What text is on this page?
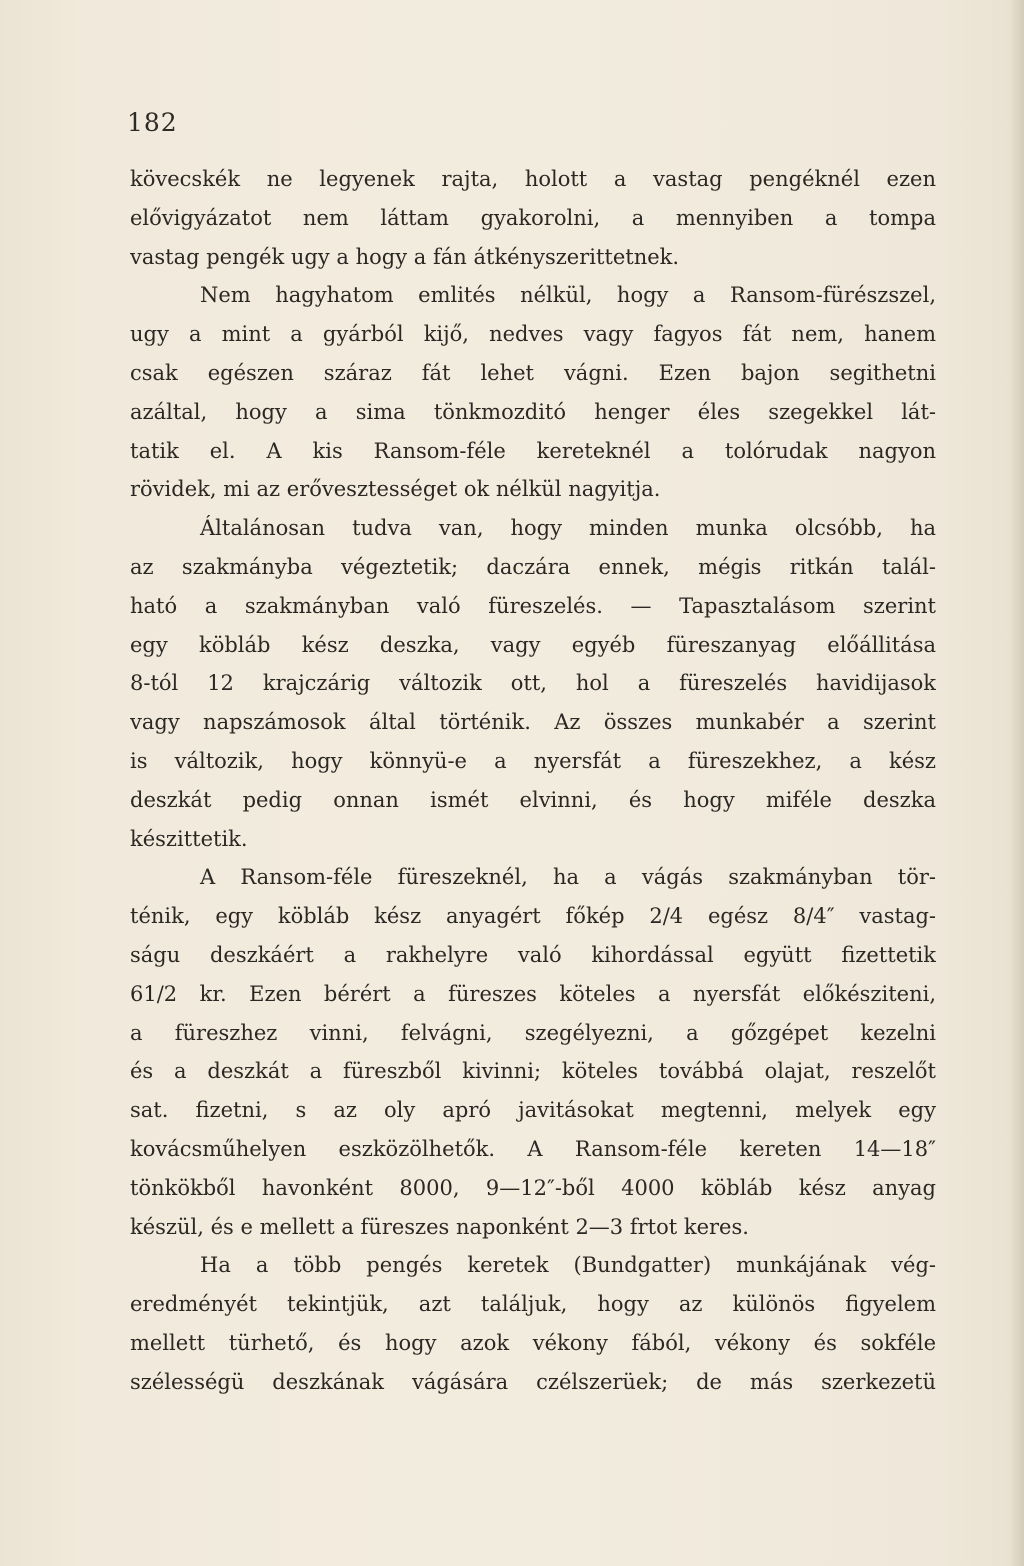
182
kövecskék ne legyenek rajta, holott a vastag pengéknél ezen
elővigyázatot nem láttam gyakorolni, a mennyiben a tompa
vastag pengék ugy a hogy a fán átkényszerittetnek.
Nem hagyhatom emlités nélkül, hogy a Ransom-fürészszel,
ugy a mint a gyárból kijő, nedves vagy fagyos fát nem, hanem
csak egészen száraz fát lehet vágni. Ezen bajon segithetni
azáltal, hogy a sima tönkmozditó henger éles szegekkel lát-
tatik el. A kis Ransom-féle kereteknél a tolórudak nagyon
rövidek, mi az erővesztességet ok nélkül nagyitja.
Általánosan tudva van, hogy minden munka olcsóbb, ha
az szakmányba végeztetik; daczára ennek, mégis ritkán talál-
ható a szakmányban való füreszelés. — Tapasztalásom szerint
egy köbláb kész deszka, vagy egyéb füreszanyag előállitása
8-tól 12 krajczárig változik ott, hol a füreszelés havidijasok
vagy napszámosok által történik. Az összes munkabér a szerint
is változik, hogy könnyü-e a nyersfát a füreszekhez, a kész
deszkát pedig onnan ismét elvinni, és hogy miféle deszka
készittetik.
A Ransom-féle füreszeknél, ha a vágás szakmányban tör-
ténik, egy köbláb kész anyagért főkép 2/4 egész 8/4″ vastag-
ságu deszkáért a rakhelyre való kihordással együtt fizettetik
61/2 kr. Ezen bérért a füreszes köteles a nyersfát előkésziteni,
a füreszhez vinni, felvágni, szegélyezni, a gőzgépet kezelni
és a deszkát a füreszből kivinni; köteles továbbá olajat, reszelőt
sat. fizetni, s az oly apró javitásokat megtenni, melyek egy
kovácsműhelyen eszközölhetők. A Ransom-féle kereten 14—18″
tönkökből havonként 8000, 9—12″-ből 4000 köbláb kész anyag
készül, és e mellett a füreszes naponként 2—3 frtot keres.
Ha a több pengés keretek (Bundgatter) munkájának vég-
eredményét tekintjük, azt találjuk, hogy az különös figyelem
mellett türhető, és hogy azok vékony fából, vékony és sokféle
szélességü deszkának vágására czélszerüek; de más szerkezetü
